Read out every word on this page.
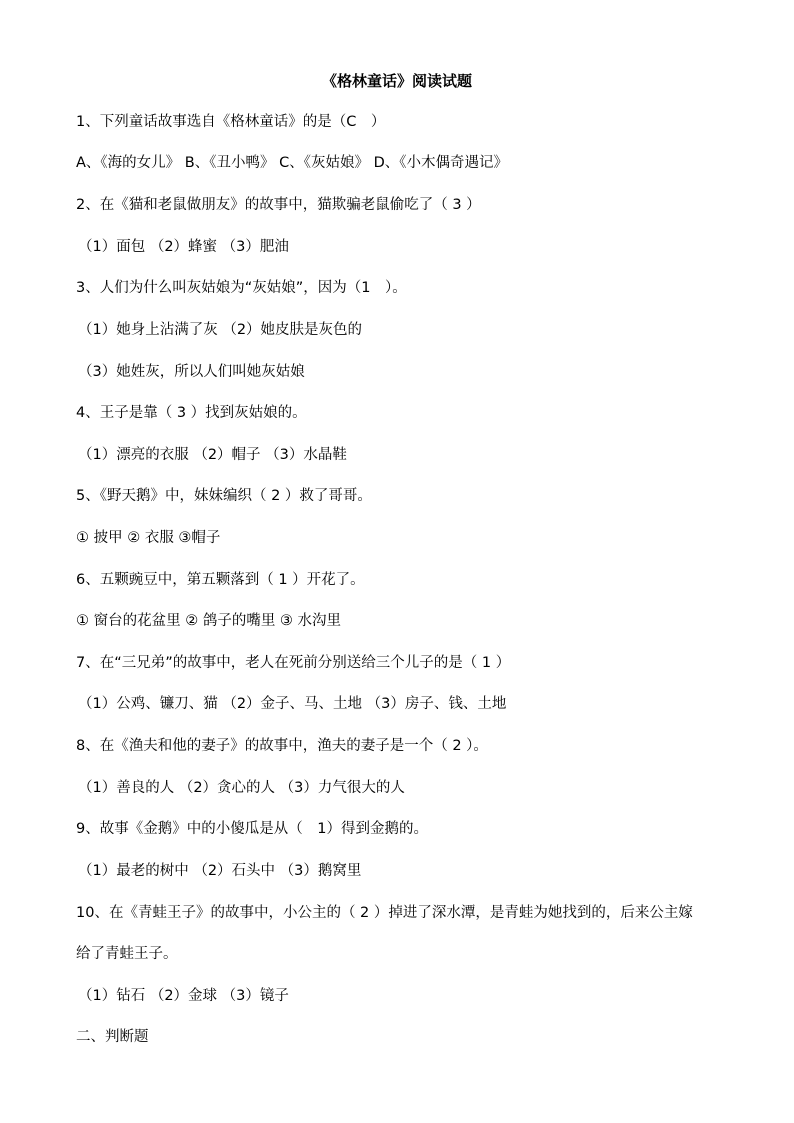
《格林童话》阅读试题
1、下列童话故事选自《格林童话》的是（C　）
A、《海的女儿》 B、《丑小鸭》 C、《灰姑娘》 D、《小木偶奇遇记》
2、在《猫和老鼠做朋友》的故事中，猫欺骗老鼠偷吃了（ 3 ）
（1）面包 （2）蜂蜜 （3）肥油
3、人们为什么叫灰姑娘为“灰姑娘”，因为（1　）。
（1）她身上沾满了灰 （2）她皮肤是灰色的
（3）她姓灰，所以人们叫她灰姑娘
4、王子是靠（ 3 ）找到灰姑娘的。
（1）漂亮的衣服 （2）帽子 （3）水晶鞋
5、《野天鹅》中，妹妹编织（ 2 ）救了哥哥。
① 披甲 ② 衣服 ③帽子
6、五颗豌豆中，第五颗落到（ 1 ）开花了。
① 窗台的花盆里 ② 鸽子的嘴里 ③ 水沟里
7、在“三兄弟”的故事中，老人在死前分别送给三个儿子的是（ 1 ）
（1）公鸡、镰刀、猫 （2）金子、马、土地 （3）房子、钱、土地
8、在《渔夫和他的妻子》的故事中，渔夫的妻子是一个（ 2 ）。
（1）善良的人 （2）贪心的人 （3）力气很大的人
9、故事《金鹅》中的小傻瓜是从（　1）得到金鹅的。
（1）最老的树中 （2）石头中 （3）鹅窝里
10、在《青蛙王子》的故事中，小公主的（ 2 ）掉进了深水潭，是青蛙为她找到的，后来公主嫁
给了青蛙王子。
（1）钻石 （2）金球 （3）镜子
二、判断题
